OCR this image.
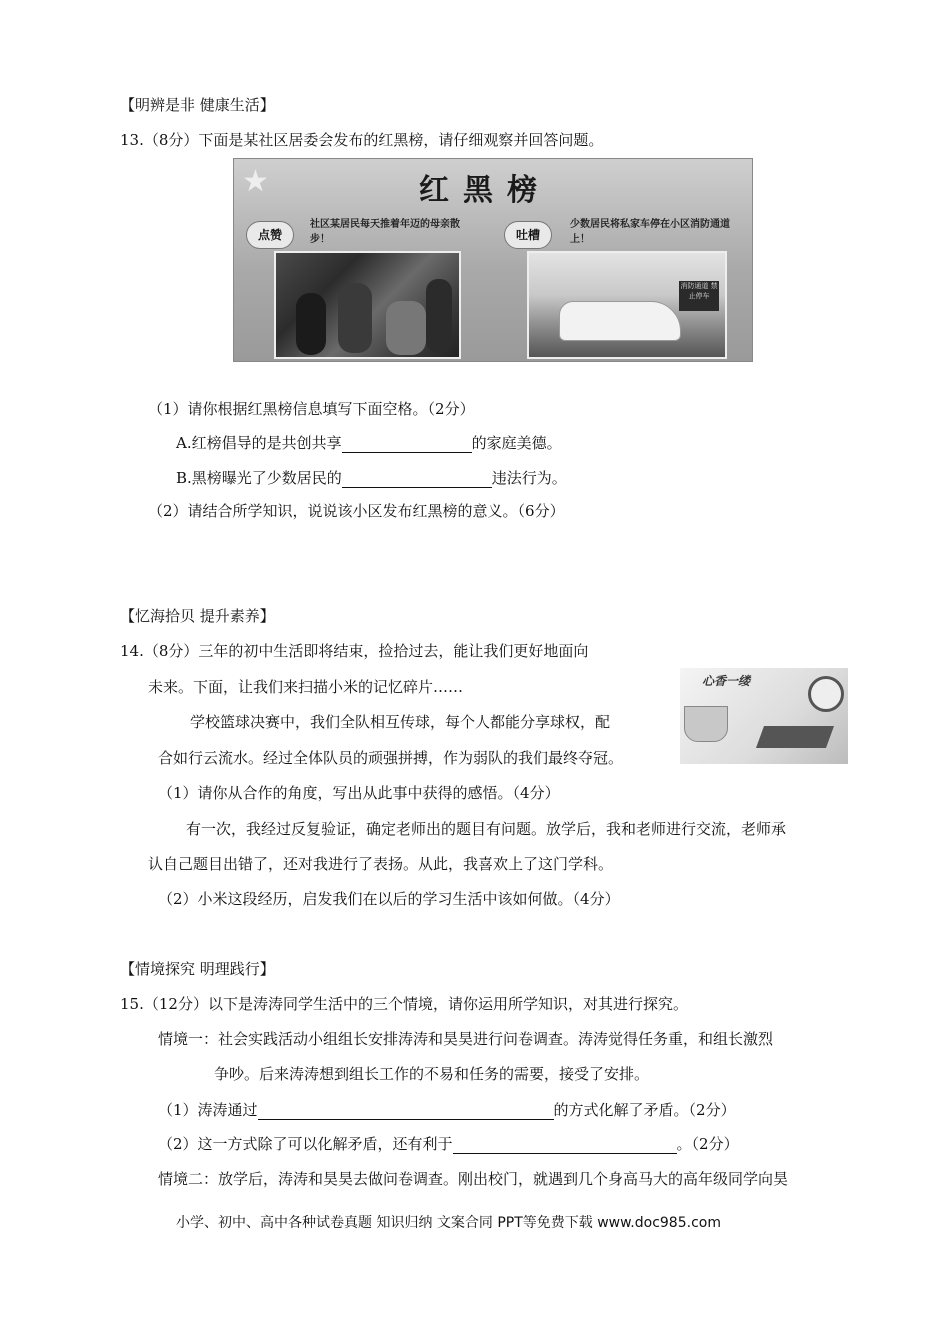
【明辨是非 健康生活】
13.（8分）下面是某社区居委会发布的红黑榜，请仔细观察并回答问题。
★	红黑榜
点赞
社区某居民每天推着年迈的母亲散步！	吐槽
少数居民将私家车停在小区消防通道上！
消防通道 禁止停车
（1）请你根据红黑榜信息填写下面空格。（2分）
A.红榜倡导的是共创共享	的家庭美德。
B.黑榜曝光了少数居民的	违法行为。
（2）请结合所学知识，说说该小区发布红黑榜的意义。（6分）
【忆海拾贝 提升素养】
14.（8分）三年的初中生活即将结束，捡拾过去，能让我们更好地面向
未来。下面，让我们来扫描小米的记忆碎片……
学校篮球决赛中，我们全队相互传球，每个人都能分享球权，配
合如行云流水。经过全体队员的顽强拼搏，作为弱队的我们最终夺冠。
心香一缕
（1）请你从合作的角度，写出从此事中获得的感悟。（4分）
有一次，我经过反复验证，确定老师出的题目有问题。放学后，我和老师进行交流，老师承
认自己题目出错了，还对我进行了表扬。从此，我喜欢上了这门学科。
（2）小米这段经历，启发我们在以后的学习生活中该如何做。（4分）
【情境探究 明理践行】
15.（12分）以下是涛涛同学生活中的三个情境，请你运用所学知识，对其进行探究。
情境一：社会实践活动小组组长安排涛涛和昊昊进行问卷调查。涛涛觉得任务重，和组长激烈
争吵。后来涛涛想到组长工作的不易和任务的需要，接受了安排。
（1）涛涛通过	的方式化解了矛盾。（2分）
（2）这一方式除了可以化解矛盾，还有利于	。（2分）
情境二：放学后，涛涛和昊昊去做问卷调查。刚出校门，就遇到几个身高马大的高年级同学向昊
小学、初中、高中各种试卷真题 知识归纳 文案合同 PPT等免费下载 www.doc985.com
